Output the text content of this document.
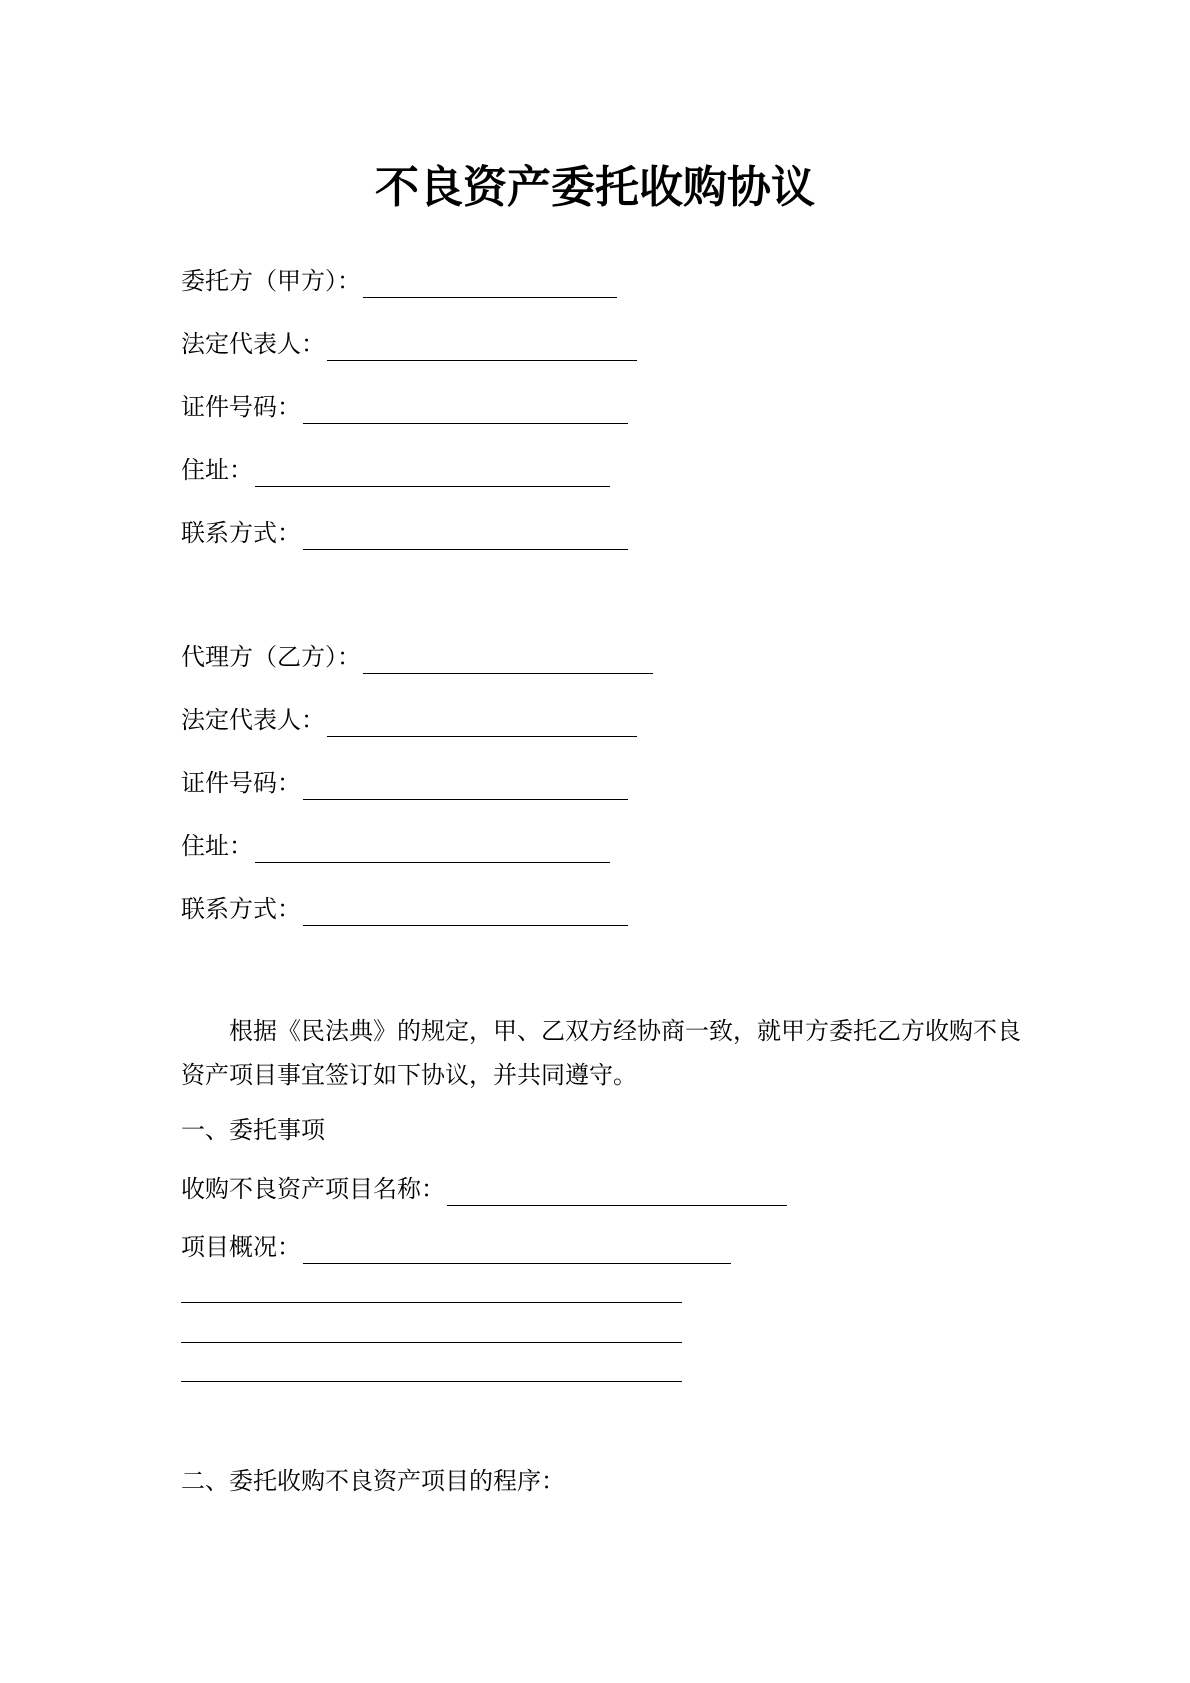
不良资产委托收购协议
委托方（甲方）：
法定代表人：
证件号码：
住址：
联系方式：
代理方（乙方）：
法定代表人：
证件号码：
住址：
联系方式：
根据《民法典》的规定，甲、乙双方经协商一致，就甲方委托乙方收购不良资产项目事宜签订如下协议，并共同遵守。
一、委托事项
收购不良资产项目名称：
项目概况：
二、委托收购不良资产项目的程序：
